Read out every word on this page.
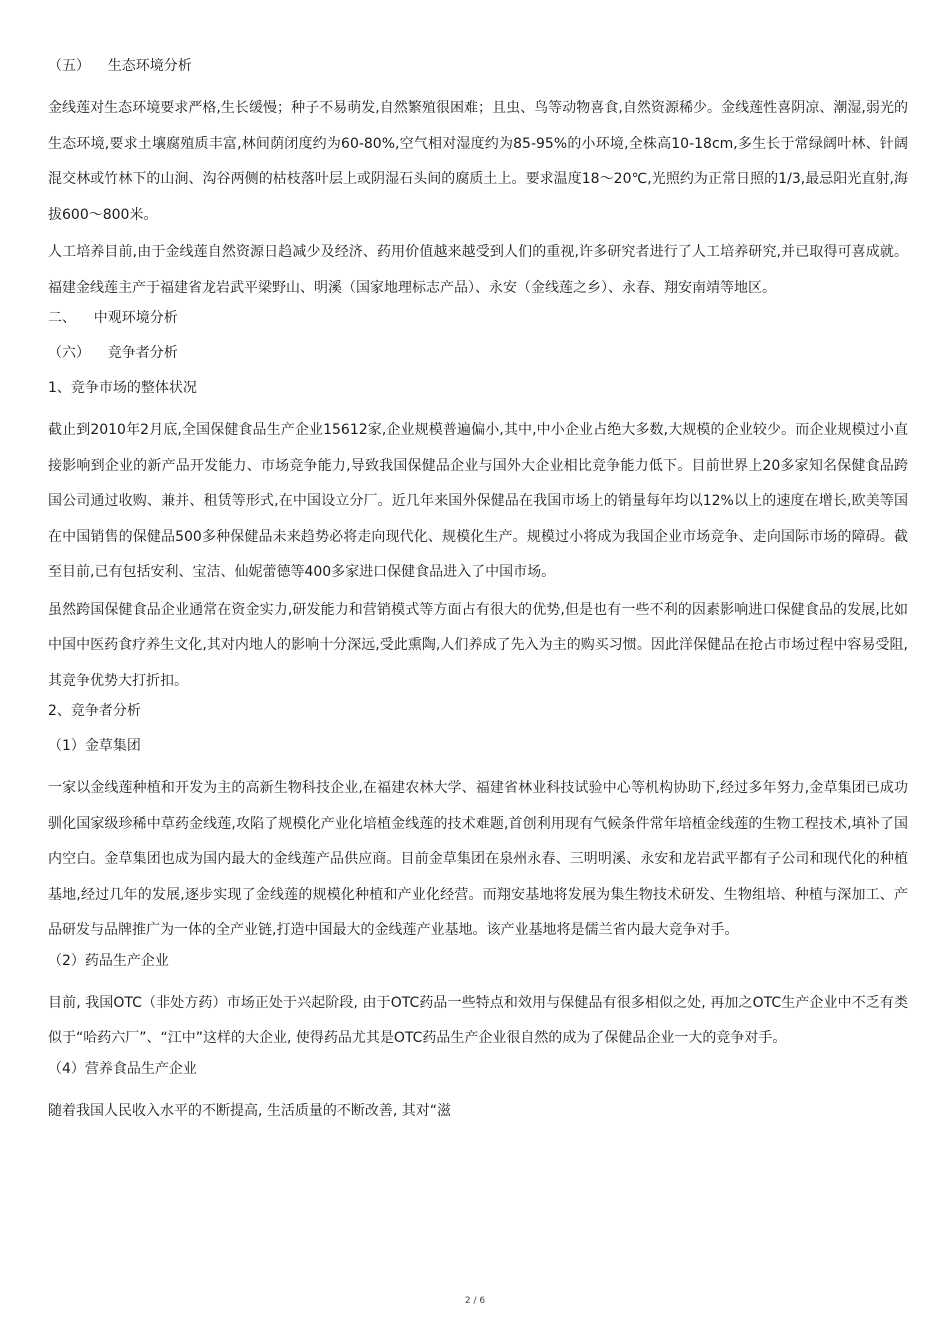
（五）    生态环境分析

金线莲对生态环境要求严格,生长缓慢；种子不易萌发,自然繁殖很困难；且虫、鸟等动物喜食,自然资源稀少。金线莲性喜阴凉、潮湿,弱光的生态环境,要求土壤腐殖质丰富,林间荫闭度约为60-80%,空气相对湿度约为85-95%的小环境,全株高10-18cm,多生长于常绿阔叶林、针阔混交林或竹林下的山涧、沟谷两侧的枯枝落叶层上或阴湿石头间的腐质土上。要求温度18～20℃,光照约为正常日照的1/3,最忌阳光直射,海拔600～800米。

人工培养目前,由于金线莲自然资源日趋减少及经济、药用价值越来越受到人们的重视,许多研究者进行了人工培养研究,并已取得可喜成就。福建金线莲主产于福建省龙岩武平梁野山、明溪（国家地理标志产品）、永安（金线莲之乡）、永春、翔安南靖等地区。

二、    中观环境分析
（六）    竞争者分析
1、竞争市场的整体状况

截止到2010年2月底,全国保健食品生产企业15612家,企业规模普遍偏小,其中,中小企业占绝大多数,大规模的企业较少。而企业规模过小直接影响到企业的新产品开发能力、市场竞争能力,导致我国保健品企业与国外大企业相比竞争能力低下。目前世界上20多家知名保健食品跨国公司通过收购、兼并、租赁等形式,在中国设立分厂。近几年来国外保健品在我国市场上的销量每年均以12%以上的速度在增长,欧美等国在中国销售的保健品500多种保健品未来趋势必将走向现代化、规模化生产。规模过小将成为我国企业市场竞争、走向国际市场的障碍。截至目前,已有包括安利、宝洁、仙妮蕾德等400多家进口保健食品进入了中国市场。

虽然跨国保健食品企业通常在资金实力,研发能力和营销模式等方面占有很大的优势,但是也有一些不利的因素影响进口保健食品的发展,比如中国中医药食疗养生文化,其对内地人的影响十分深远,受此熏陶,人们养成了先入为主的购买习惯。因此洋保健品在抢占市场过程中容易受阻,其竞争优势大打折扣。

2、竞争者分析
（1）金草集团

一家以金线莲种植和开发为主的高新生物科技企业,在福建农林大学、福建省林业科技试验中心等机构协助下,经过多年努力,金草集团已成功驯化国家级珍稀中草药金线莲,攻陷了规模化产业化培植金线莲的技术难题,首创利用现有气候条件常年培植金线莲的生物工程技术,填补了国内空白。金草集团也成为国内最大的金线莲产品供应商。目前金草集团在泉州永春、三明明溪、永安和龙岩武平都有子公司和现代化的种植基地,经过几年的发展,逐步实现了金线莲的规模化种植和产业化经营。而翔安基地将发展为集生物技术研发、生物组培、种植与深加工、产品研发与品牌推广为一体的全产业链,打造中国最大的金线莲产业基地。该产业基地将是儒兰省内最大竞争对手。

（2）药品生产企业

目前, 我国OTC（非处方药）市场正处于兴起阶段, 由于OTC药品一些特点和效用与保健品有很多相似之处, 再加之OTC生产企业中不乏有类似于“哈药六厂”、“江中”这样的大企业, 使得药品尤其是OTC药品生产企业很自然的成为了保健品企业一大的竞争对手。

（4）营养食品生产企业

随着我国人民收入水平的不断提高, 生活质量的不断改善, 其对“滋

2 / 6
